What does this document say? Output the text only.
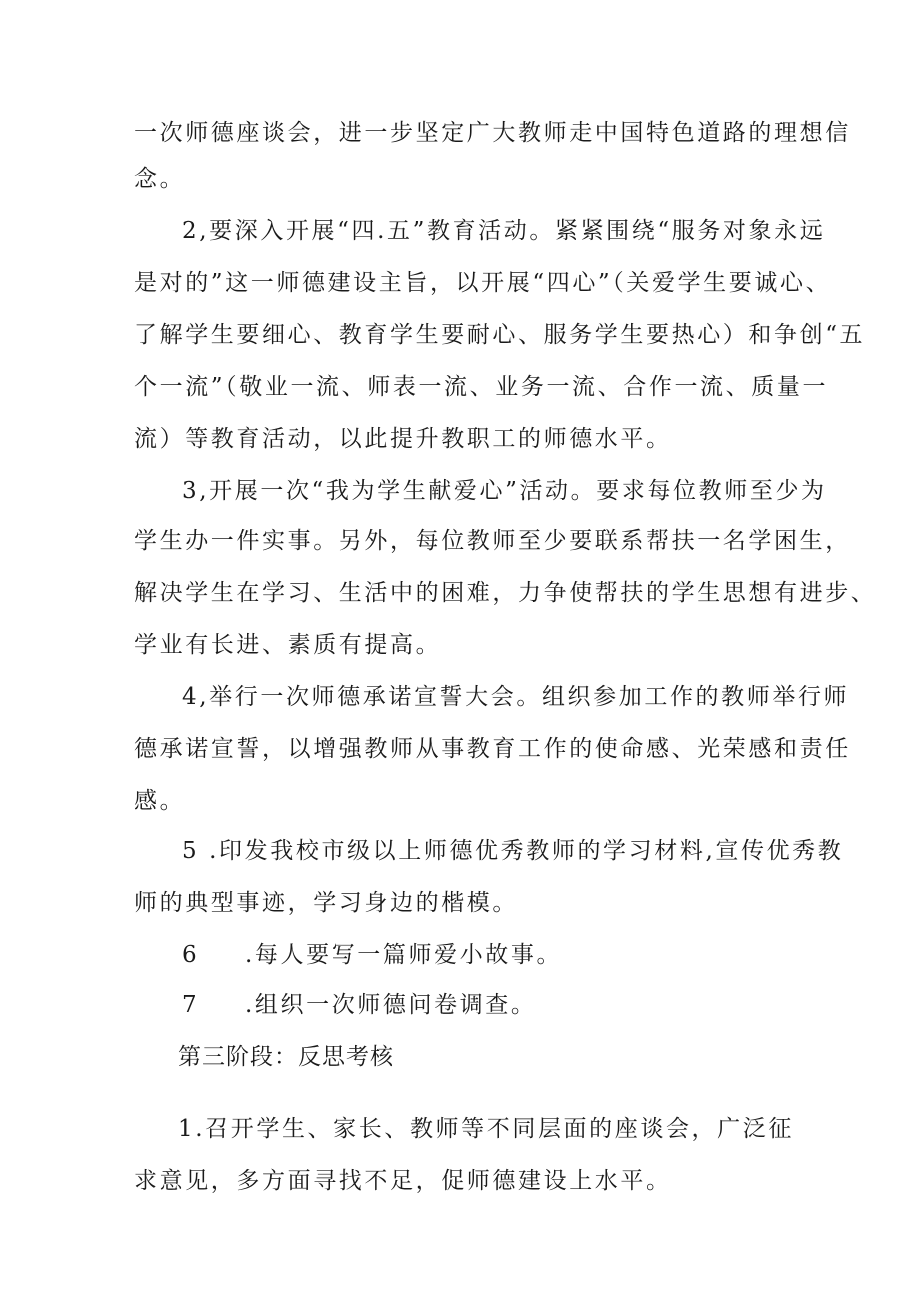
一次师德座谈会，进一步坚定广大教师走中国特色道路的理想信

念。

2,要深入开展“四.五”教育活动。紧紧围绕“服务对象永远

是对的”这一师德建设主旨，以开展“四心”（关爱学生要诚心、

了解学生要细心、教育学生要耐心、服务学生要热心）和争创“五

个一流”（敬业一流、师表一流、业务一流、合作一流、质量一

流）等教育活动，以此提升教职工的师德水平。

3,开展一次“我为学生献爱心”活动。要求每位教师至少为

学生办一件实事。另外，每位教师至少要联系帮扶一名学困生，

解决学生在学习、生活中的困难，力争使帮扶的学生思想有进步、

学业有长进、素质有提高。

4,举行一次师德承诺宣誓大会。组织参加工作的教师举行师

德承诺宣誓，以增强教师从事教育工作的使命感、光荣感和责任

感。

5 .印发我校市级以上师德优秀教师的学习材料,宣传优秀教

师的典型事迹，学习身边的楷模。

6 .每人要写一篇师爱小故事。

7 .组织一次师德问卷调查。

第三阶段：反思考核

1.召开学生、家长、教师等不同层面的座谈会，广泛征

求意见，多方面寻找不足，促师德建设上水平。
